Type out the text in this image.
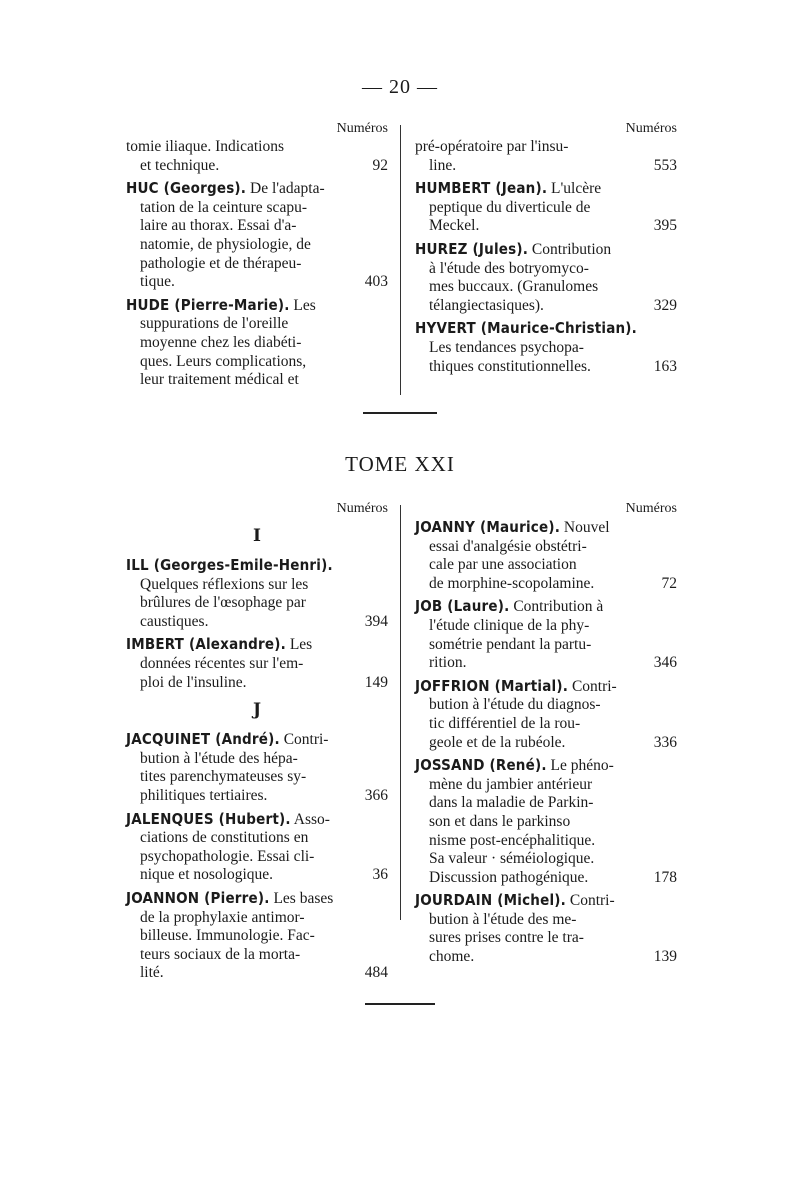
— 20 —
Numéros
tomie iliaque. Indications
et technique.	92
HUC (Georges). De l'adapta-
tation de la ceinture scapu-
laire au thorax. Essai d'a-
natomie, de physiologie, de
pathologie et de thérapeu-
tique.	403
HUDE (Pierre-Marie). Les
suppurations de l'oreille
moyenne chez les diabéti-
ques. Leurs complications,
leur traitement médical et
Numéros
pré-opératoire par l'insu-
line.	553
HUMBERT (Jean). L'ulcère
peptique du diverticule de
Meckel.	395
HUREZ (Jules). Contribution
à l'étude des botryomyco-
mes buccaux. (Granulomes
télangiectasiques).	329
HYVERT (Maurice-Christian).
Les tendances psychopa-
thiques constitutionnelles.	163
TOME XXI
Numéros
I
ILL (Georges-Emile-Henri).
Quelques réflexions sur les
brûlures de l'œsophage par
caustiques.	394
IMBERT (Alexandre). Les
données récentes sur l'em-
ploi de l'insuline.	149
J
JACQUINET (André). Contri-
bution à l'étude des hépa-
tites parenchymateuses sy-
philitiques tertiaires.	366
JALENQUES (Hubert). Asso-
ciations de constitutions en
psychopathologie. Essai cli-
nique et nosologique.	36
JOANNON (Pierre). Les bases
de la prophylaxie antimor-
billeuse. Immunologie. Fac-
teurs sociaux de la morta-
lité.	484
Numéros
JOANNY (Maurice). Nouvel
essai d'analgésie obstétri-
cale par une association
de morphine-scopolamine.	72
JOB (Laure). Contribution à
l'étude clinique de la phy-
sométrie pendant la partu-
rition.	346
JOFFRION (Martial). Contri-
bution à l'étude du diagnos-
tic différentiel de la rou-
geole et de la rubéole.	336
JOSSAND (René). Le phéno-
mène du jambier antérieur
dans la maladie de Parkin-
son et dans le parkinso
nisme post-encéphalitique.
Sa valeur · séméiologique.
Discussion pathogénique.	178
JOURDAIN (Michel). Contri-
bution à l'étude des me-
sures prises contre le tra-
chome.	139
